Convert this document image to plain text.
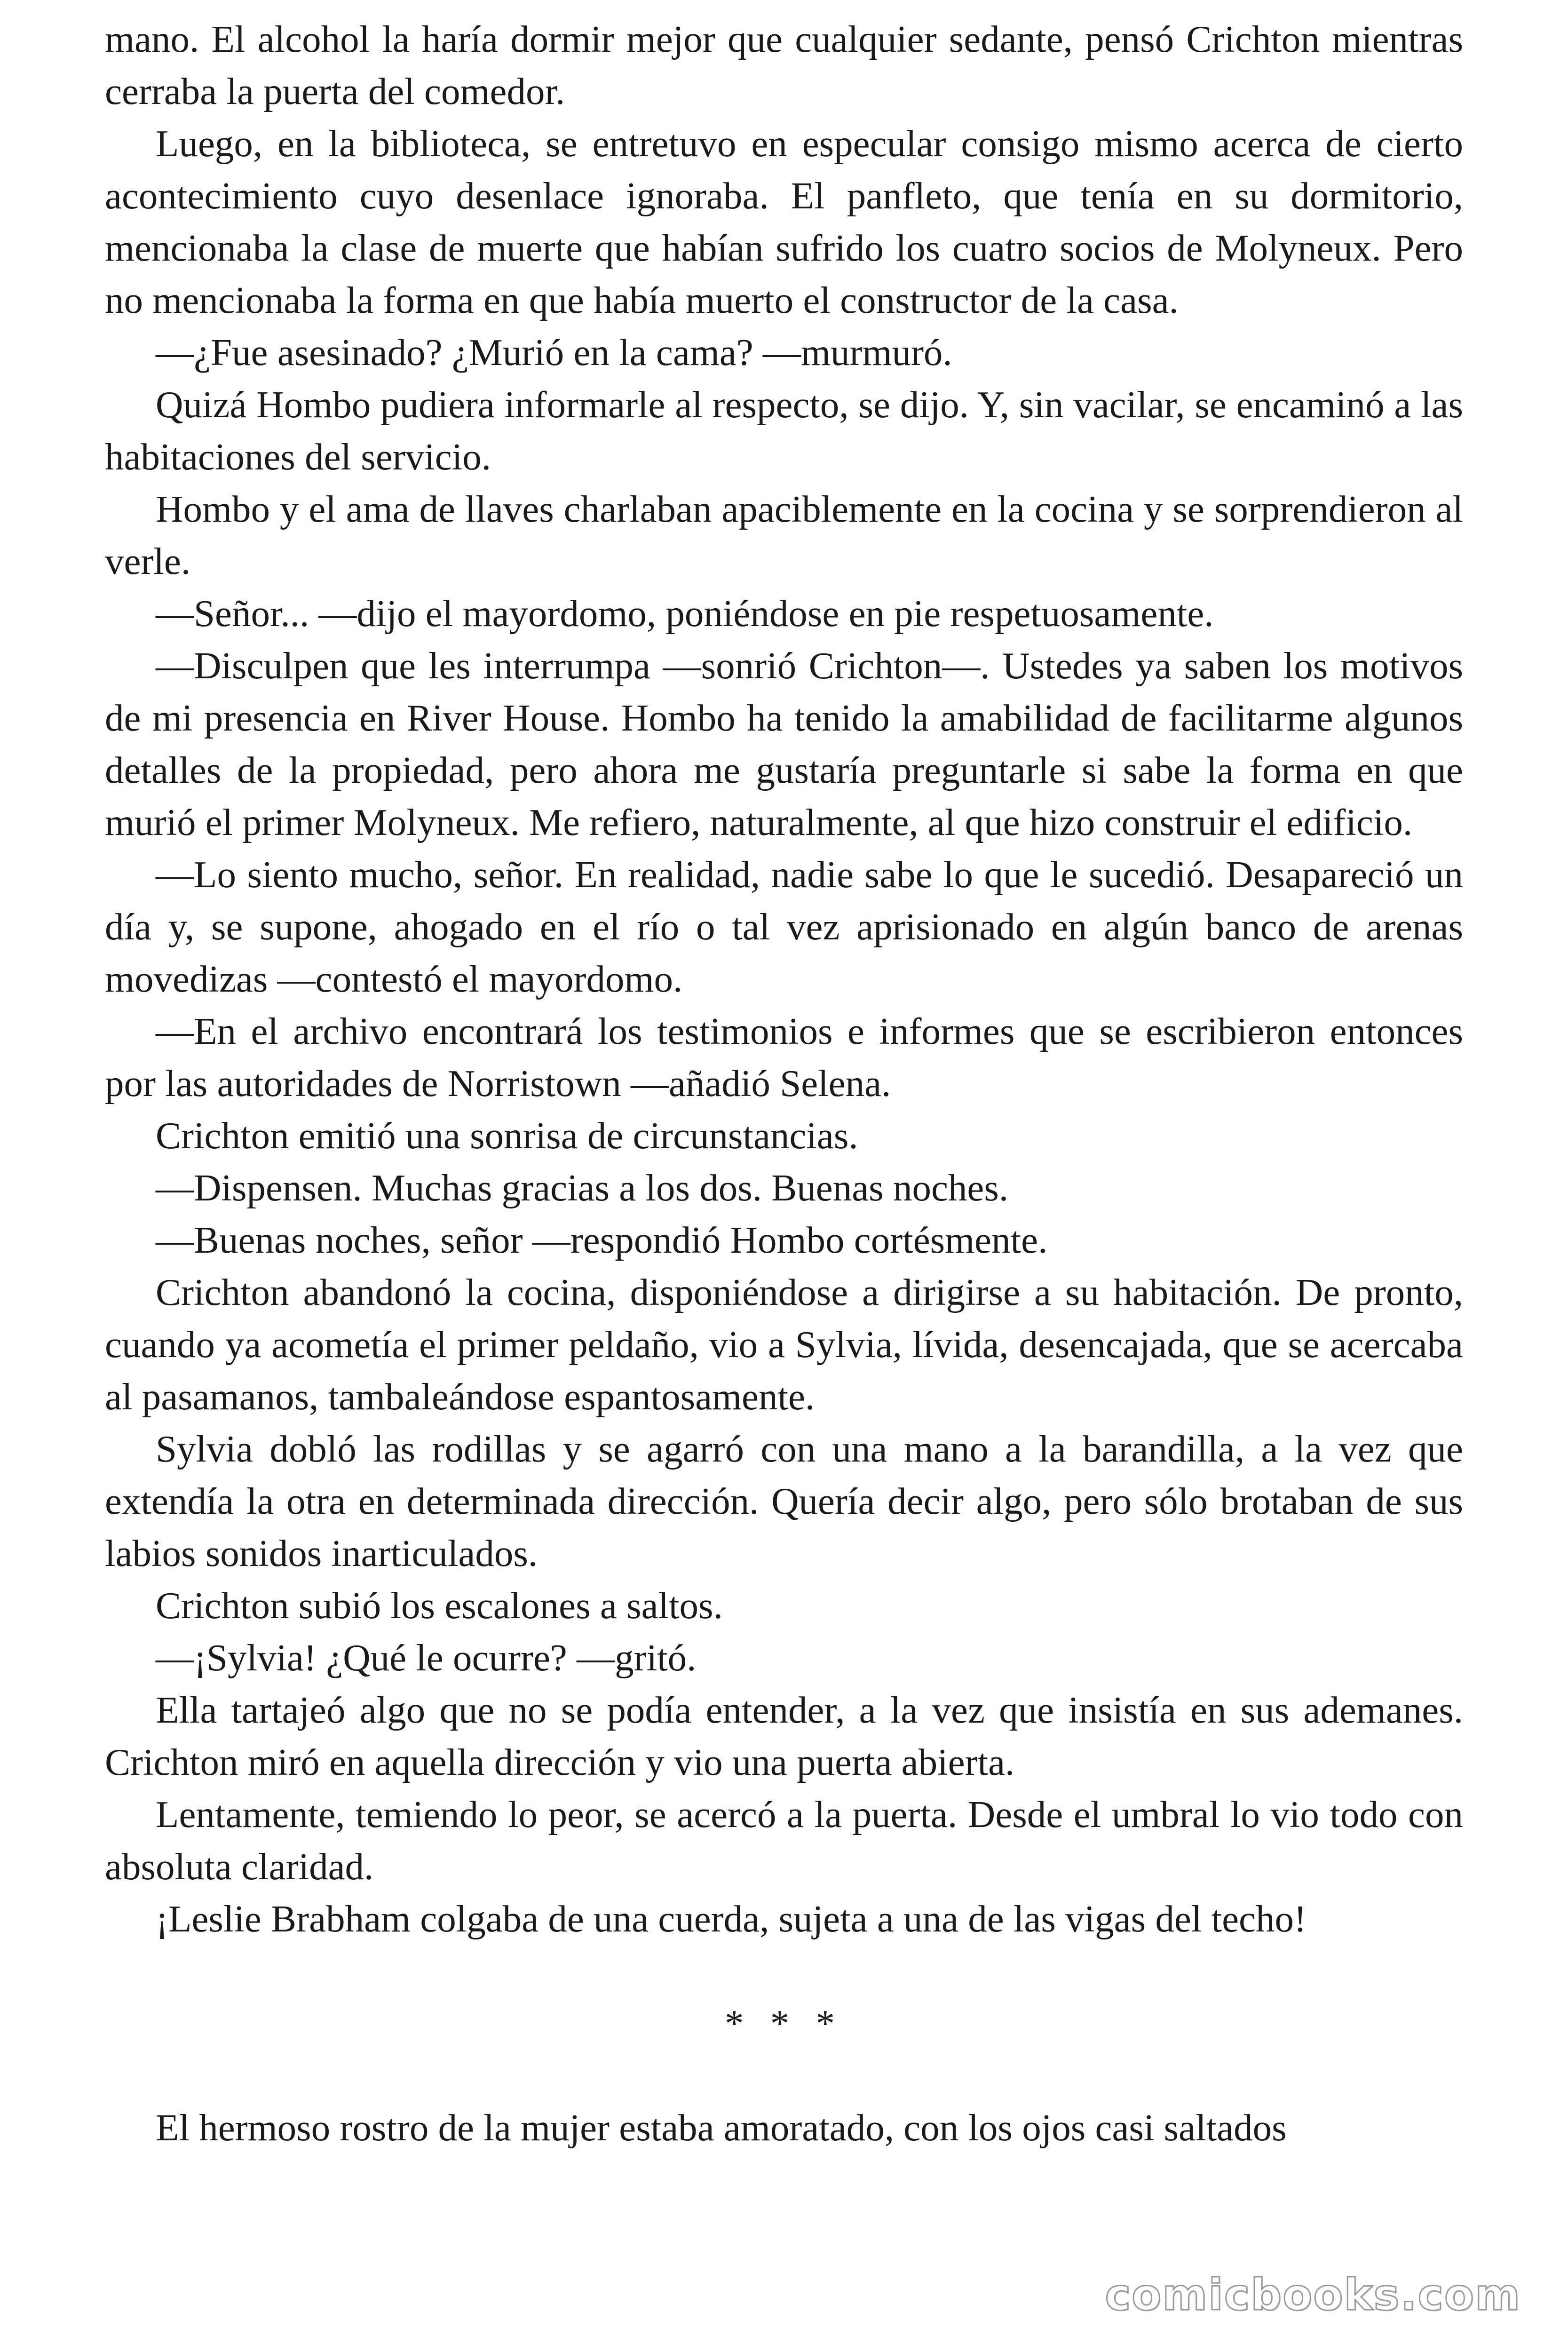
mano. El alcohol la haría dormir mejor que cualquier sedante, pensó Crichton mientras cerraba la puerta del comedor.

Luego, en la biblioteca, se entretuvo en especular consigo mismo acerca de cierto acontecimiento cuyo desenlace ignoraba. El panfleto, que tenía en su dormitorio, mencionaba la clase de muerte que habían sufrido los cuatro socios de Molyneux. Pero no mencionaba la forma en que había muerto el constructor de la casa.

—¿Fue asesinado? ¿Murió en la cama? —murmuró.

Quizá Hombo pudiera informarle al respecto, se dijo. Y, sin vacilar, se encaminó a las habitaciones del servicio.

Hombo y el ama de llaves charlaban apaciblemente en la cocina y se sorprendieron al verle.

—Señor... —dijo el mayordomo, poniéndose en pie respetuosamente.

—Disculpen que les interrumpa —sonrió Crichton—. Ustedes ya saben los motivos de mi presencia en River House. Hombo ha tenido la amabilidad de facilitarme algunos detalles de la propiedad, pero ahora me gustaría preguntarle si sabe la forma en que murió el primer Molyneux. Me refiero, naturalmente, al que hizo construir el edificio.

—Lo siento mucho, señor. En realidad, nadie sabe lo que le sucedió. Desapareció un día y, se supone, ahogado en el río o tal vez aprisionado en algún banco de arenas movedizas —contestó el mayordomo.

—En el archivo encontrará los testimonios e informes que se escribieron entonces por las autoridades de Norristown —añadió Selena.

Crichton emitió una sonrisa de circunstancias.

—Dispensen. Muchas gracias a los dos. Buenas noches.

—Buenas noches, señor —respondió Hombo cortésmente.

Crichton abandonó la cocina, disponiéndose a dirigirse a su habitación. De pronto, cuando ya acometía el primer peldaño, vio a Sylvia, lívida, desencajada, que se acercaba al pasamanos, tambaleándose espantosamente.

Sylvia dobló las rodillas y se agarró con una mano a la barandilla, a la vez que extendía la otra en determinada dirección. Quería decir algo, pero sólo brotaban de sus labios sonidos inarticulados.

Crichton subió los escalones a saltos.

—¡Sylvia! ¿Qué le ocurre? —gritó.

Ella tartajeó algo que no se podía entender, a la vez que insistía en sus ademanes. Crichton miró en aquella dirección y vio una puerta abierta.

Lentamente, temiendo lo peor, se acercó a la puerta. Desde el umbral lo vio todo con absoluta claridad.

¡Leslie Brabham colgaba de una cuerda, sujeta a una de las vigas del techo!

* * *

El hermoso rostro de la mujer estaba amoratado, con los ojos casi saltados

comicbooks.com
